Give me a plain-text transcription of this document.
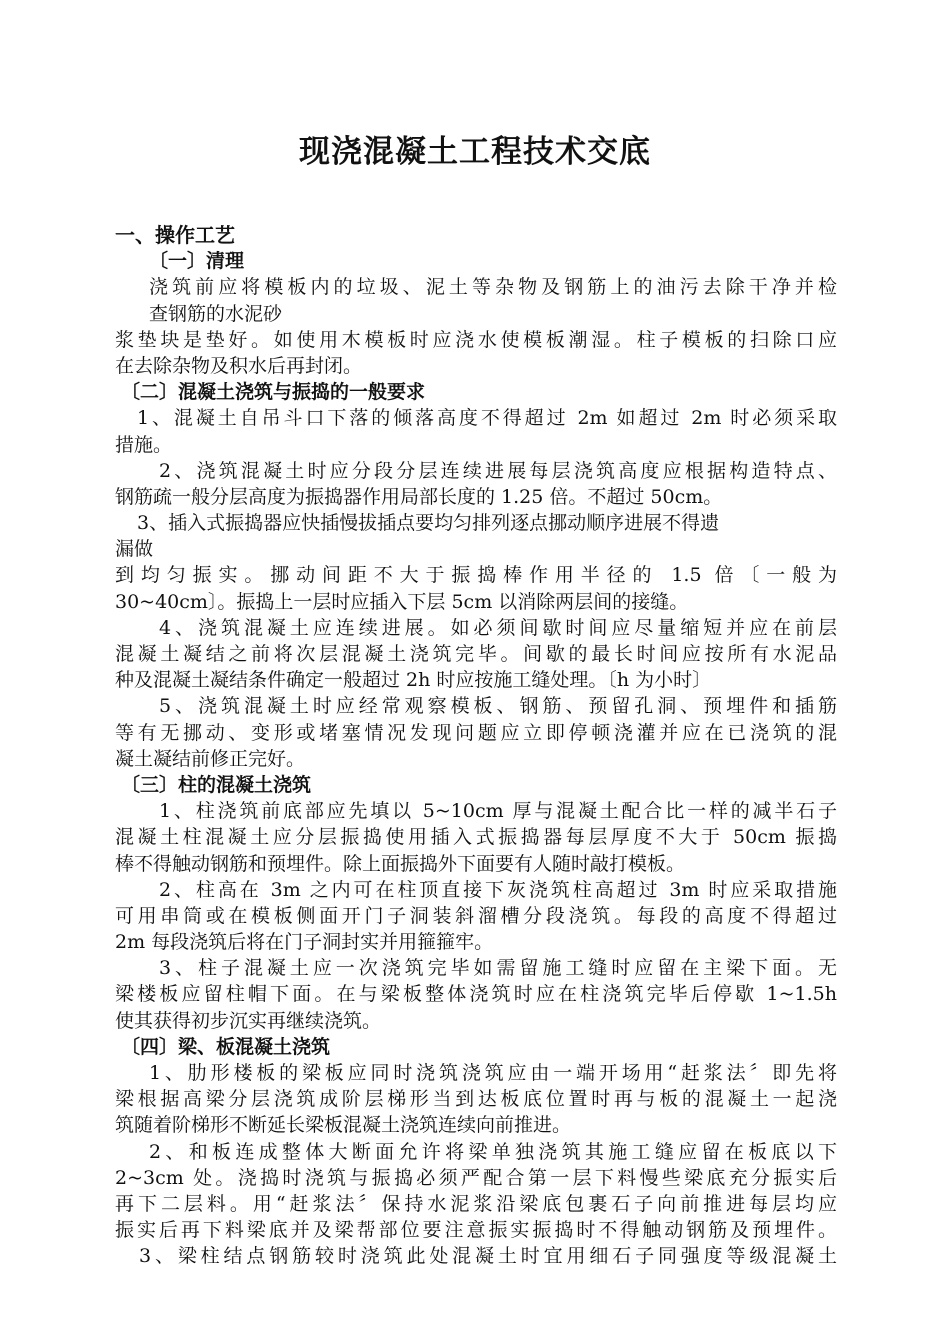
现浇混凝土工程技术交底
一、操作工艺
〔一〕清理
浇筑前应将模板内的垃圾、泥土等杂物及钢筋上的油污去除干净并检
查钢筋的水泥砂
浆垫块是垫好。如使用木模板时应浇水使模板潮湿。柱子模板的扫除口应
在去除杂物及积水后再封闭。
〔二〕混凝土浇筑与振捣的一般要求
1、混凝土自吊斗口下落的倾落高度不得超过 2m 如超过 2m 时必须采取
措施。
2、浇筑混凝土时应分段分层连续进展每层浇筑高度应根据构造特点、
钢筋疏一般分层高度为振捣器作用局部长度的 1.25 倍。不超过 50cm。
3、插入式振捣器应快插慢拔插点要均匀排列逐点挪动顺序进展不得遗
漏做
到均匀振实。挪动间距不大于振捣棒作用半径的 1.5 倍〔一般为
30~40cm〕。振捣上一层时应插入下层 5cm 以消除两层间的接缝。
4、浇筑混凝土应连续进展。如必须间歇时间应尽量缩短并应在前层
混凝土凝结之前将次层混凝土浇筑完毕。间歇的最长时间应按所有水泥品
种及混凝土凝结条件确定一般超过 2h 时应按施工缝处理。〔h 为小时〕
5、浇筑混凝土时应经常观察模板、钢筋、预留孔洞、预埋件和插筋
等有无挪动、变形或堵塞情况发现问题应立即停顿浇灌并应在已浇筑的混
凝土凝结前修正完好。
〔三〕柱的混凝土浇筑
1、柱浇筑前底部应先填以 5~10cm 厚与混凝土配合比一样的减半石子
混凝土柱混凝土应分层振捣使用插入式振捣器每层厚度不大于 50cm 振捣
棒不得触动钢筋和预埋件。除上面振捣外下面要有人随时敲打模板。
2、柱高在 3m 之内可在柱顶直接下灰浇筑柱高超过 3m 时应采取措施
可用串筒或在模板侧面开门子洞装斜溜槽分段浇筑。每段的高度不得超过
2m 每段浇筑后将在门子洞封实并用箍箍牢。
3、柱子混凝土应一次浇筑完毕如需留施工缝时应留在主梁下面。无
梁楼板应留柱帽下面。在与梁板整体浇筑时应在柱浇筑完毕后停歇 1~1.5h
使其获得初步沉实再继续浇筑。
〔四〕梁、板混凝土浇筑
1、肋形楼板的梁板应同时浇筑浇筑应由一端开场用“赶浆法〞即先将
梁根据高梁分层浇筑成阶层梯形当到达板底位置时再与板的混凝土一起浇
筑随着阶梯形不断延长梁板混凝土浇筑连续向前推进。
2、和板连成整体大断面允许将梁单独浇筑其施工缝应留在板底以下
2~3cm 处。浇捣时浇筑与振捣必须严配合第一层下料慢些梁底充分振实后
再下二层料。用“赶浆法〞保持水泥浆沿梁底包裹石子向前推进每层均应
振实后再下料梁底并及梁帮部位要注意振实振捣时不得触动钢筋及预埋件。
3、梁柱结点钢筋较时浇筑此处混凝土时宜用细石子同强度等级混凝土
